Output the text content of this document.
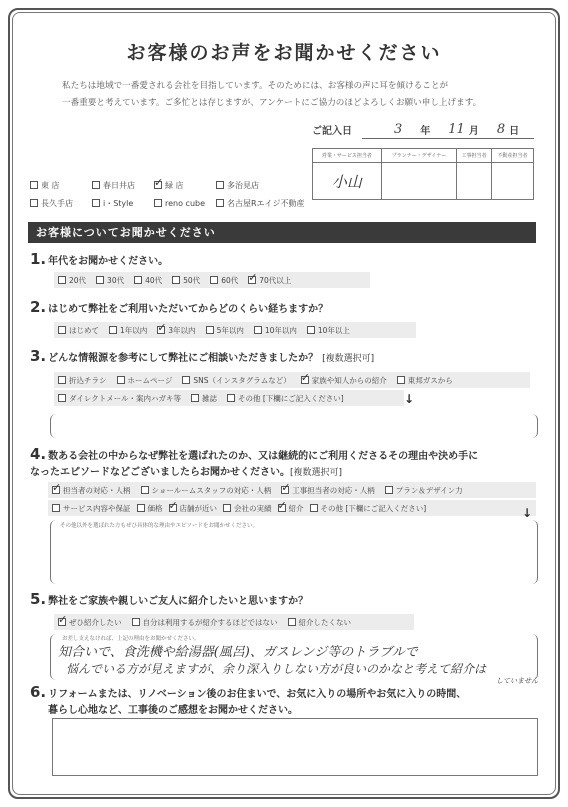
お客様のお声をお聞かせください
私たちは地域で一番愛される会社を目指しています。そのためには、お客様の声に耳を傾けることが
一番重要と考えています。ご多忙とは存じますが、アンケートにご協力のほどよろしくお願い申し上げます。
ご記入日	3 年 11 月 8 日
営業・サービス担当者	プランナー・デザイナー	工事担当者	不動産担当者
小山			
東 店	春日井店 ✓	緑 店	多治見店
長久手店	i・Style	reno cube	名古屋Rエイジ不動産
お客様についてお聞かせください
1. 年代をお聞かせください。
20代	30代	40代	50代	60代 ✓	70代以上
2. はじめて弊社をご利用いただいてからどのくらい経ちますか？
はじめて	1年以内 ✓	3年以内	5年以内	10年以内	10年以上
3. どんな情報源を参考にして弊社にご相談いただきましたか？ [複数選択可]
折込チラシ	ホームページ	SNS（インスタグラムなど） ✓	家族や知人からの紹介	東邦ガスから
ダイレクトメール・案内ハガキ等	雑誌	その他 [下欄にご記入ください]	↓
4. 数ある会社の中からなぜ弊社を選ばれたのか、又は継続的にご利用くださるその理由や決め手に
なったエピソードなどございましたらお聞かせください。[複数選択可]
✓
担当者の対応・人柄	ショールームスタッフの対応・人柄 ✓	工事担当者の対応・人柄	プラン＆デザイン力
サービス内容や保証 価格 ✓ 店舗が近い 会社の実績 ✓ 紹介 その他 [下欄にご記入ください]	↓
その他以外を選ばれた方もぜひ具体的な理由やエピソードをお聞かせください。
5. 弊社をご家族や親しいご友人に紹介したいと思いますか？
✓
ぜひ紹介したい	自分は利用するが紹介するほどではない	紹介したくない
お差し支えなければ、上記の理由をお聞かせください。
知合いで、食洗機や給湯器(風呂)、ガスレンジ等のトラブルで
悩んでいる方が見えますが、余り深入りしない方が良いのかなと考えて紹介は
していません
6. リフォームまたは、リノベーション後のお住まいで、お気に入りの場所やお気に入りの時間、
暮らし心地など、工事後のご感想をお聞かせください。
